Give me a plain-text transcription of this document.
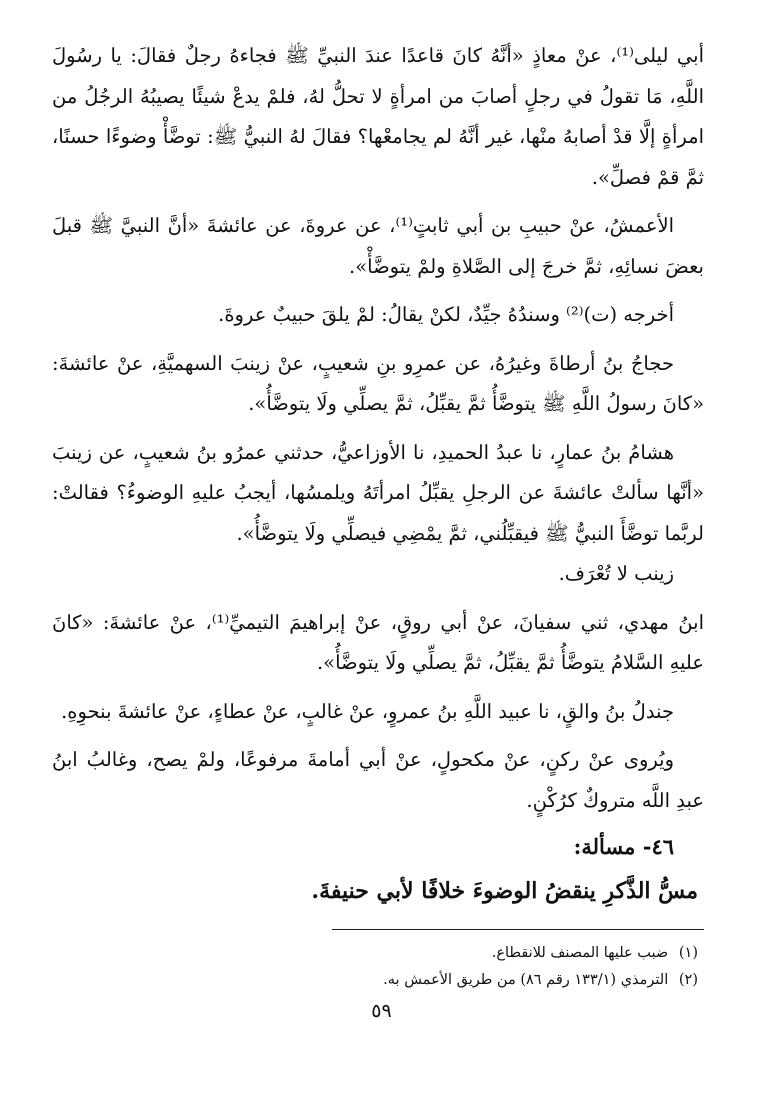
أبي ليلى⁽¹⁾، عنْ معاذٍ «أنَّهُ كانَ قاعدًا عندَ النبيِّ ﷺ فجاءهُ رجلٌ فقالَ: يا رسُولَ اللَّهِ، مَا تقولُ في رجلٍ أصابَ من امرأةٍ لا تحلُّ لهُ، فلمْ يدعْ شيئًا يصيبُهُ الرجُلُ من امرأةٍ إلَّا قدْ أصابهُ منْها، غير أنَّهُ لم يجامعْها؟ فقالَ لهُ النبيُّ ﷺ: توضَّأْ وضوءًا حسنًا، ثمَّ قمْ فصلِّ».

الأعمشُ، عنْ حبيبِ بن أبي ثابتٍ⁽¹⁾، عن عروةَ، عن عائشةَ «أنَّ النبيَّ ﷺ قبلَ بعضَ نسائِهِ، ثمَّ خرجَ إلى الصَّلاةِ ولمْ يتوضَّأْ».

أخرجه (ت)⁽²⁾ وسندُهُ جيِّدٌ، لكنْ يقالُ: لمْ يلقَ حبيبٌ عروةَ.

حجاجُ بنُ أرطاةَ وغيرُهُ، عن عمرِو بنِ شعيبٍ، عنْ زينبَ السهميَّةِ، عنْ عائشةَ: «كانَ رسولُ اللَّهِ ﷺ يتوضَّأُ ثمَّ يقبِّلُ، ثمَّ يصلِّي ولَا يتوضَّأُ».

هشامُ بنُ عمارٍ، نا عبدُ الحميدِ، نا الأوزاعيُّ، حدثني عمرُو بنُ شعيبٍ، عن زينبَ «أنَّها سألتْ عائشةَ عن الرجلِ يقبِّلُ امرأتَهُ ويلمسُها، أيجبُ عليهِ الوضوءُ؟ فقالتْ: لربَّما توضَّأَ النبيُّ ﷺ فيقبِّلُني، ثمَّ يمْضِي فيصلِّي ولَا يتوضَّأُ».

زينب لا تُعْرَف.

ابنُ مهدي، ثني سفيانَ، عنْ أبي روقٍ، عنْ إبراهيمَ التيميِّ⁽¹⁾، عنْ عائشةَ: «كانَ عليهِ السَّلامُ يتوضَّأُ ثمَّ يقبِّلُ، ثمَّ يصلِّي ولَا يتوضَّأُ».

جندلُ بنُ والقٍ، نا عبيد اللَّهِ بنُ عمروٍ، عنْ غالبٍ، عنْ عطاءٍ، عنْ عائشةَ بنحوِهِ.

ويُروى عنْ ركنٍ، عنْ مكحولٍ، عنْ أبي أمامةَ مرفوعًا، ولمْ يصح، وغالبُ ابنُ عبدِ اللَّه متروكٌ كرُكْنٍ.

٤٦- مسألة:
مسُّ الذَّكرِ ينقضُ الوضوءَ خلافًا لأبي حنيفةَ.
(١) ضبب عليها المصنف للانقطاع.
(٢) الترمذي (١٣٣/١ رقم ٨٦) من طريق الأعمش به.
٥٩
